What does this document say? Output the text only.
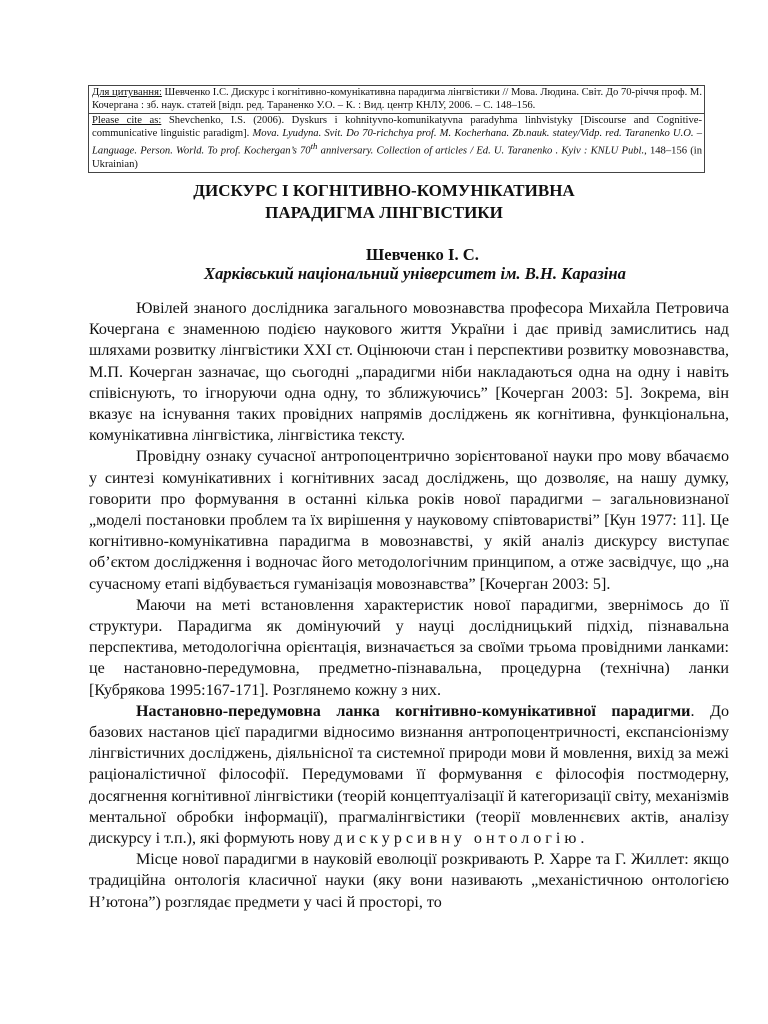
Для цитування: Шевченко І.С. Дискурс і когнітивно-комунікативна парадигма лінгвістики // Мова. Людина. Світ. До 70-річчя проф. М. Кочергана : зб. наук. статей [відп. ред. Тараненко У.О. – К. : Вид. центр КНЛУ, 2006. – С. 148–156.
Please cite as: Shevchenko, I.S. (2006). Dyskurs i kohnityvno-komunikatyvna paradyhma linhvistyky [Discourse and Cognitive-communicative linguistic paradigm]. Mova. Lyudyna. Svit. Do 70-richchya prof. M. Kocherhana. Zb.nauk. statey/Vidp. red. Taranenko U.O. – Language. Person. World. To prof. Kochergan’s 70th anniversary. Collection of articles / Ed. U. Taranenko . Kyiv : KNLU Publ., 148–156 (in Ukrainian)
ДИСКУРС І КОГНІТИВНО-КОМУНІКАТИВНА
ПАРАДИГМА ЛІНГВІСТИКИ
Шевченко І. С.
Харківський національний університет ім. В.Н. Каразіна

Ювілей знаного дослідника загального мовознавства професора Михайла Петровича Кочергана є знаменною подією наукового життя України і дає привід замислитись над шляхами розвитку лінгвістики ХХІ ст. Оцінюючи стан і перспективи розвитку мовознавства, М.П. Кочерган зазначає, що сьогодні „парадигми ніби накладаються одна на одну і навіть співіснують, то ігноруючи одна одну, то зближуючись” [Кочерган 2003: 5]. Зокрема, він вказує на існування таких провідних напрямів досліджень як когнітивна, функціональна, комунікативна лінгвістика, лінгвістика тексту.

Провідну ознаку сучасної антропоцентрично зорієнтованої науки про мову вбачаємо у синтезі комунікативних і когнітивних засад досліджень, що дозволяє, на нашу думку, говорити про формування в останні кілька років нової парадигми – загальновизнаної „моделі постановки проблем та їх вирішення у науковому співтоваристві” [Кун 1977: 11]. Це когнітивно-комунікативна парадигма в мовознавстві, у якій аналіз дискурсу виступає об’єктом дослідження і водночас його методологічним принципом, а отже засвідчує, що „на сучасному етапі відбувається гуманізація мовознавства” [Кочерган 2003: 5].

Маючи на меті встановлення характеристик нової парадигми, звернімось до її структури. Парадигма як домінуючий у науці дослідницький підхід, пізнавальна перспектива, методологічна орієнтація, визначається за своїми трьома провідними ланками: це настановно-передумовна, предметно-пізнавальна, процедурна (технічна) ланки [Кубрякова 1995:167-171]. Розглянемо кожну з них.

Настановно-передумовна ланка когнітивно-комунікативної парадигми. До базових настанов цієї парадигми відносимо визнання антропоцентричності, експансіонізму лінгвістичних досліджень, діяльнісної та системної природи мови й мовлення, вихід за межі раціоналістичної філософії. Передумовами її формування є філософія постмодерну, досягнення когнітивної лінгвістики (теорій концептуалізації й категоризації світу, механізмів ментальної обробки інформації), прагмалінгвістики (теорії мовленнєвих актів, аналізу дискурсу і т.п.), які формують нову дискурсивну онтологію.

Місце нової парадигми в науковій еволюції розкривають Р. Харре та Г. Жиллет: якщо традиційна онтологія класичної науки (яку вони називають „механістичною онтологією Н’ютона”) розглядає предмети у часі й просторі, то
